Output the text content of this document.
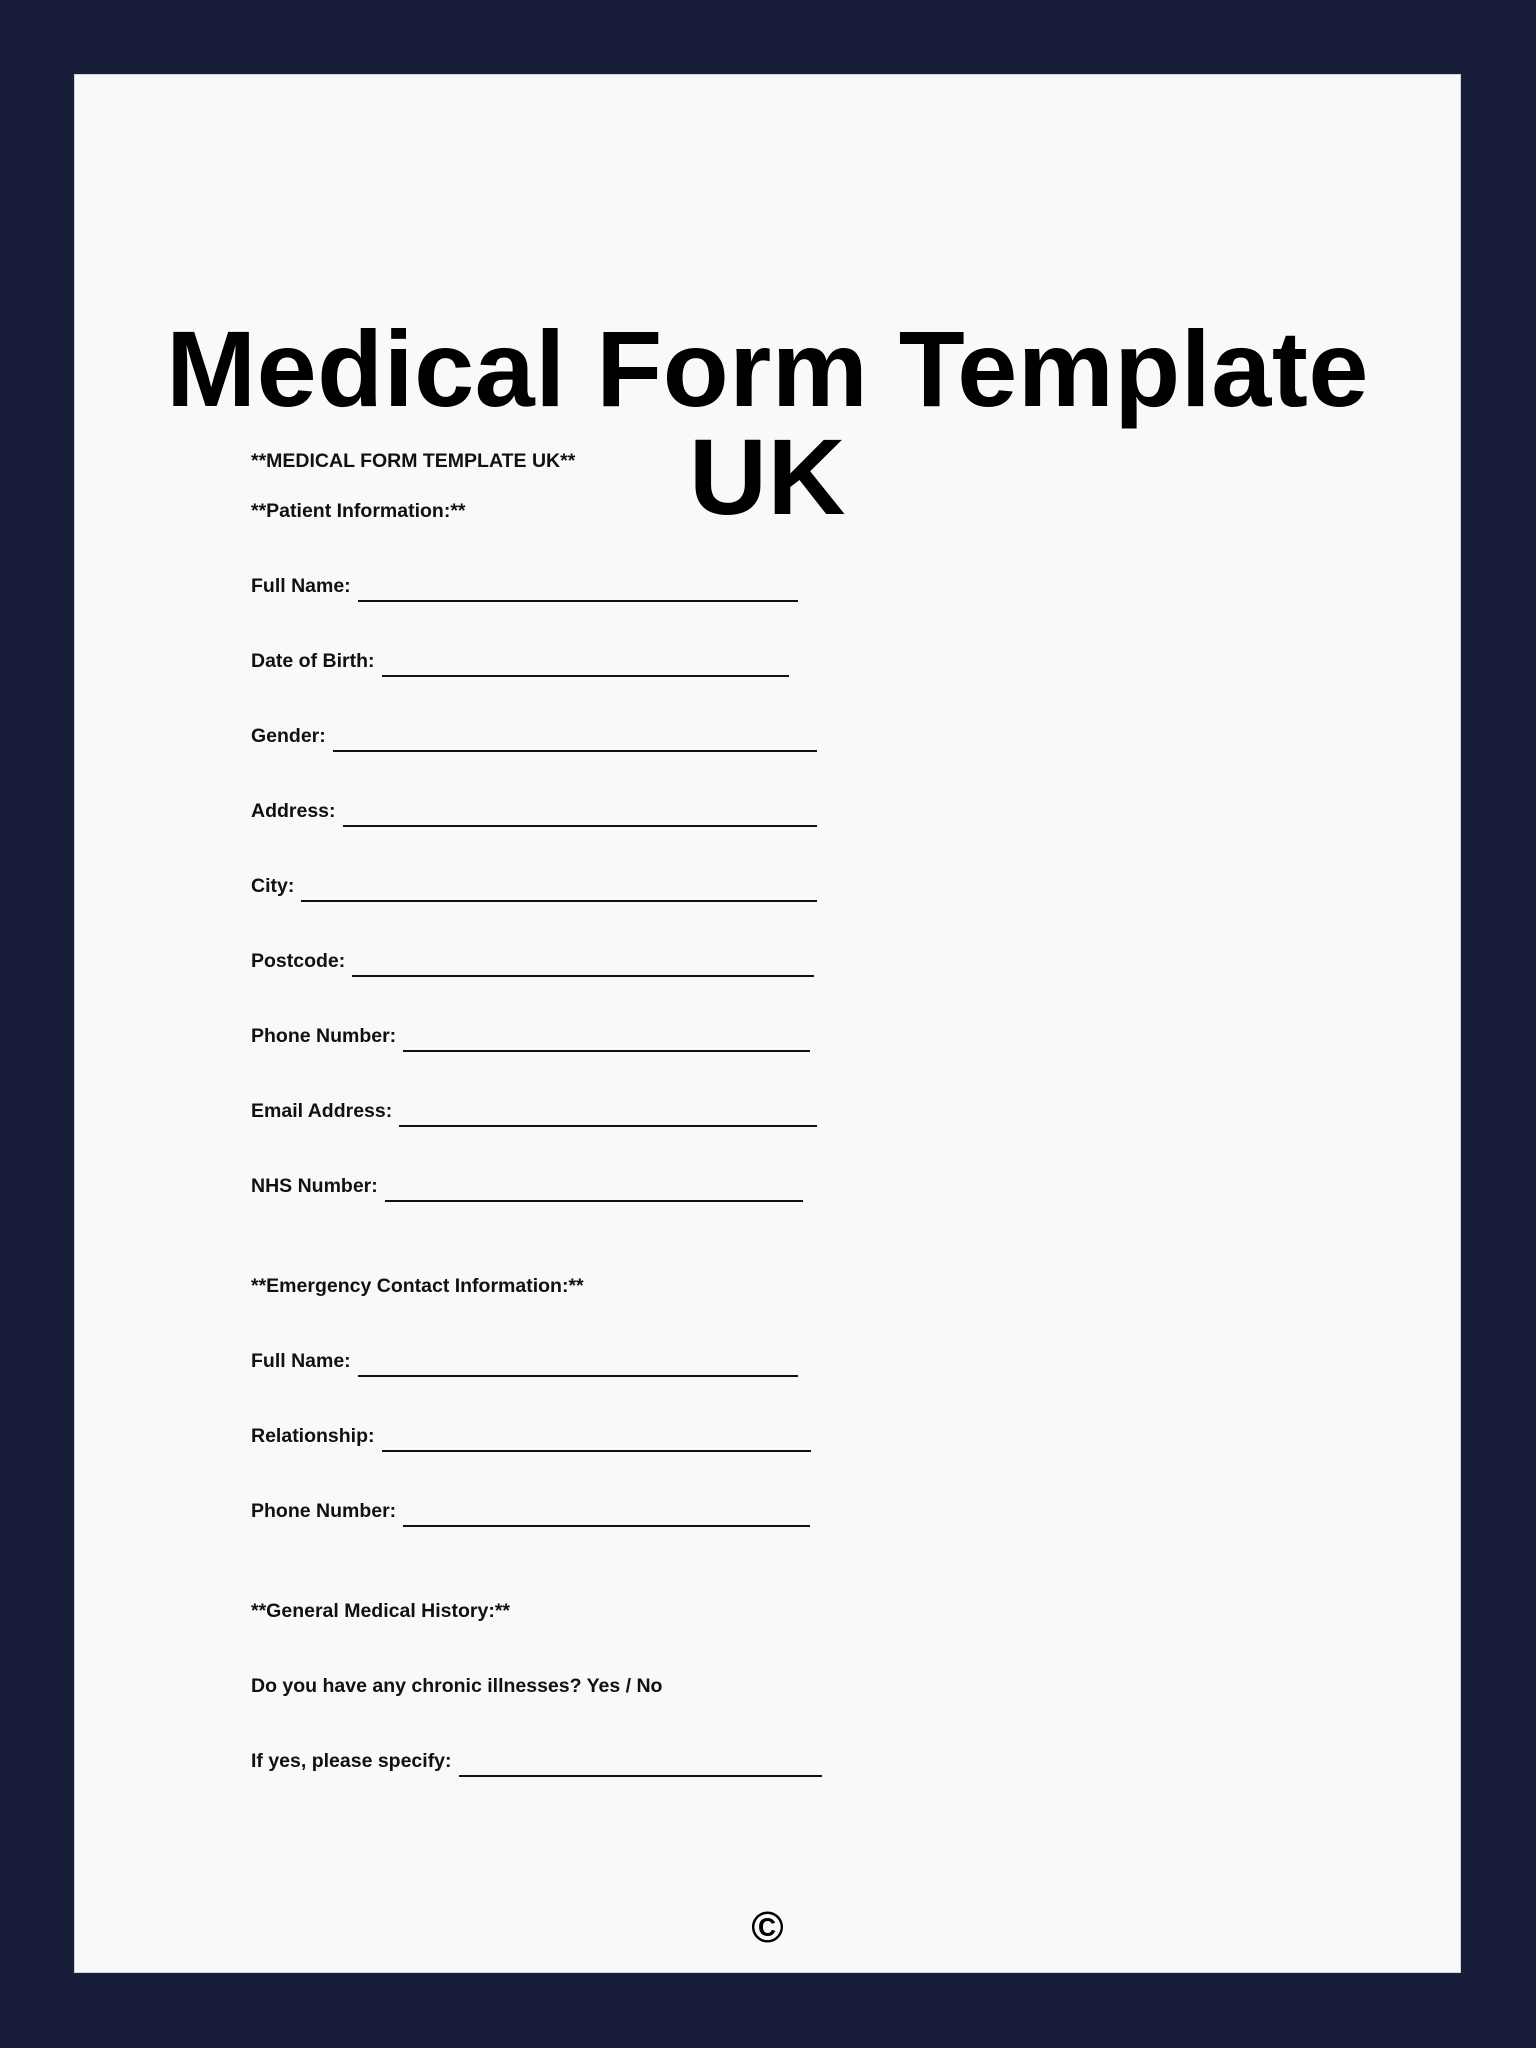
Medical Form Template UK
**MEDICAL FORM TEMPLATE UK**
**Patient Information:**
Full Name:
Date of Birth:
Gender:
Address:
City:
Postcode:
Phone Number:
Email Address:
NHS Number:
**Emergency Contact Information:**
Full Name:
Relationship:
Phone Number:
**General Medical History:**
Do you have any chronic illnesses? Yes / No
If yes, please specify:
©
